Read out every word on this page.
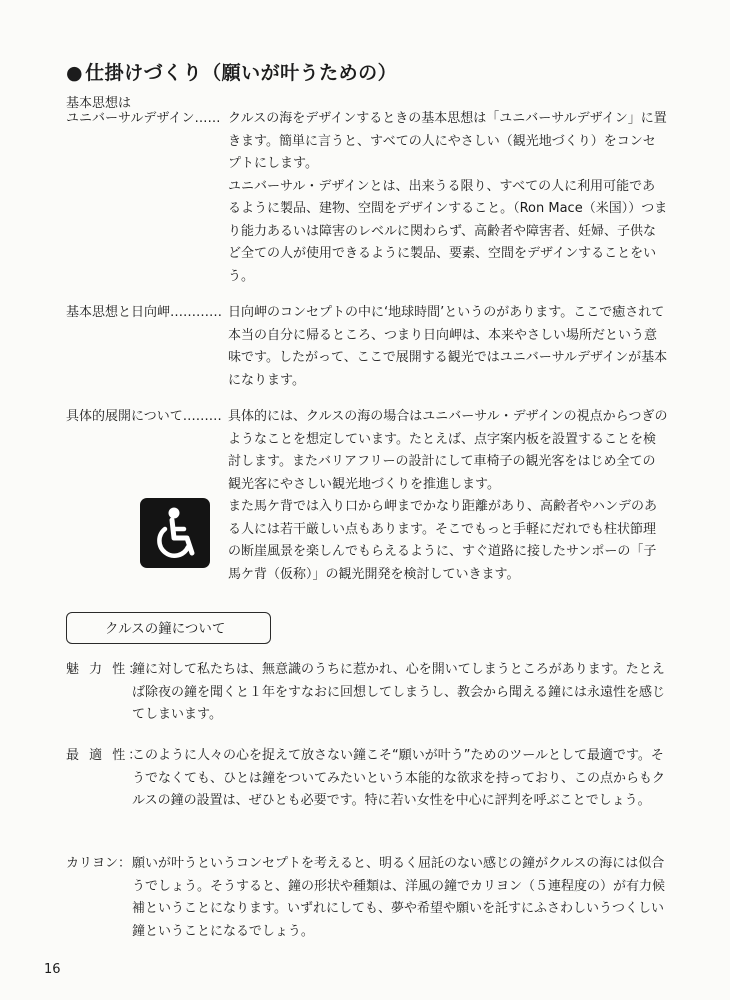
● 仕掛けづくり（願いが叶うための）
基本思想は
ユニバーサルデザイン…… クルスの海をデザインするときの基本思想は「ユニバーサルデザイン」に置きます。簡単に言うと、すべての人にやさしい（観光地づくり）をコンセプトにします。

ユニバーサル・デザインとは、出来うる限り、すべての人に利用可能であるように製品、建物、空間をデザインすること。（Ron Mace（米国））つまり能力あるいは障害のレベルに関わらず、高齢者や障害者、妊婦、子供など全ての人が使用できるように製品、要素、空間をデザインすることをいう。

基本思想と日向岬………… 日向岬のコンセプトの中に‘地球時間’というのがあります。ここで癒されて本当の自分に帰るところ、つまり日向岬は、本来やさしい場所だという意味です。したがって、ここで展開する観光ではユニバーサルデザインが基本になります。

具体的展開について……… 具体的には、クルスの海の場合はユニバーサル・デザインの視点からつぎのようなことを想定しています。たとえば、点字案内板を設置することを検討します。またバリアフリーの設計にして車椅子の観光客をはじめ全ての観光客にやさしい観光地づくりを推進します。

また馬ケ背では入り口から岬までかなり距離があり、高齢者やハンデのある人には若干厳しい点もあります。そこでもっと手軽にだれでも柱状節理の断崖風景を楽しんでもらえるように、すぐ道路に接したサンポーの「子馬ケ背（仮称）」の観光開発を検討していきます。

クルスの鐘について
魅 力 性：

鐘に対して私たちは、無意識のうちに惹かれ、心を開いてしまうところがあります。たとえば除夜の鐘を聞くと１年をすなおに回想してしまうし、教会から聞える鐘には永遠性を感じてしまいます。

最 適 性：

このように人々の心を捉えて放さない鐘こそ“願いが叶う”ためのツールとして最適です。そうでなくても、ひとは鐘をついてみたいという本能的な欲求を持っており、この点からもクルスの鐘の設置は、ぜひとも必要です。特に若い女性を中心に評判を呼ぶことでしょう。

カリヨン： 願いが叶うというコンセプトを考えると、明るく屈託のない感じの鐘がクルスの海には似合うでしょう。そうすると、鐘の形状や種類は、洋風の鐘でカリヨン（５連程度の）が有力候補ということになります。いずれにしても、夢や希望や願いを託すにふさわしいうつくしい鐘ということになるでしょう。

16
